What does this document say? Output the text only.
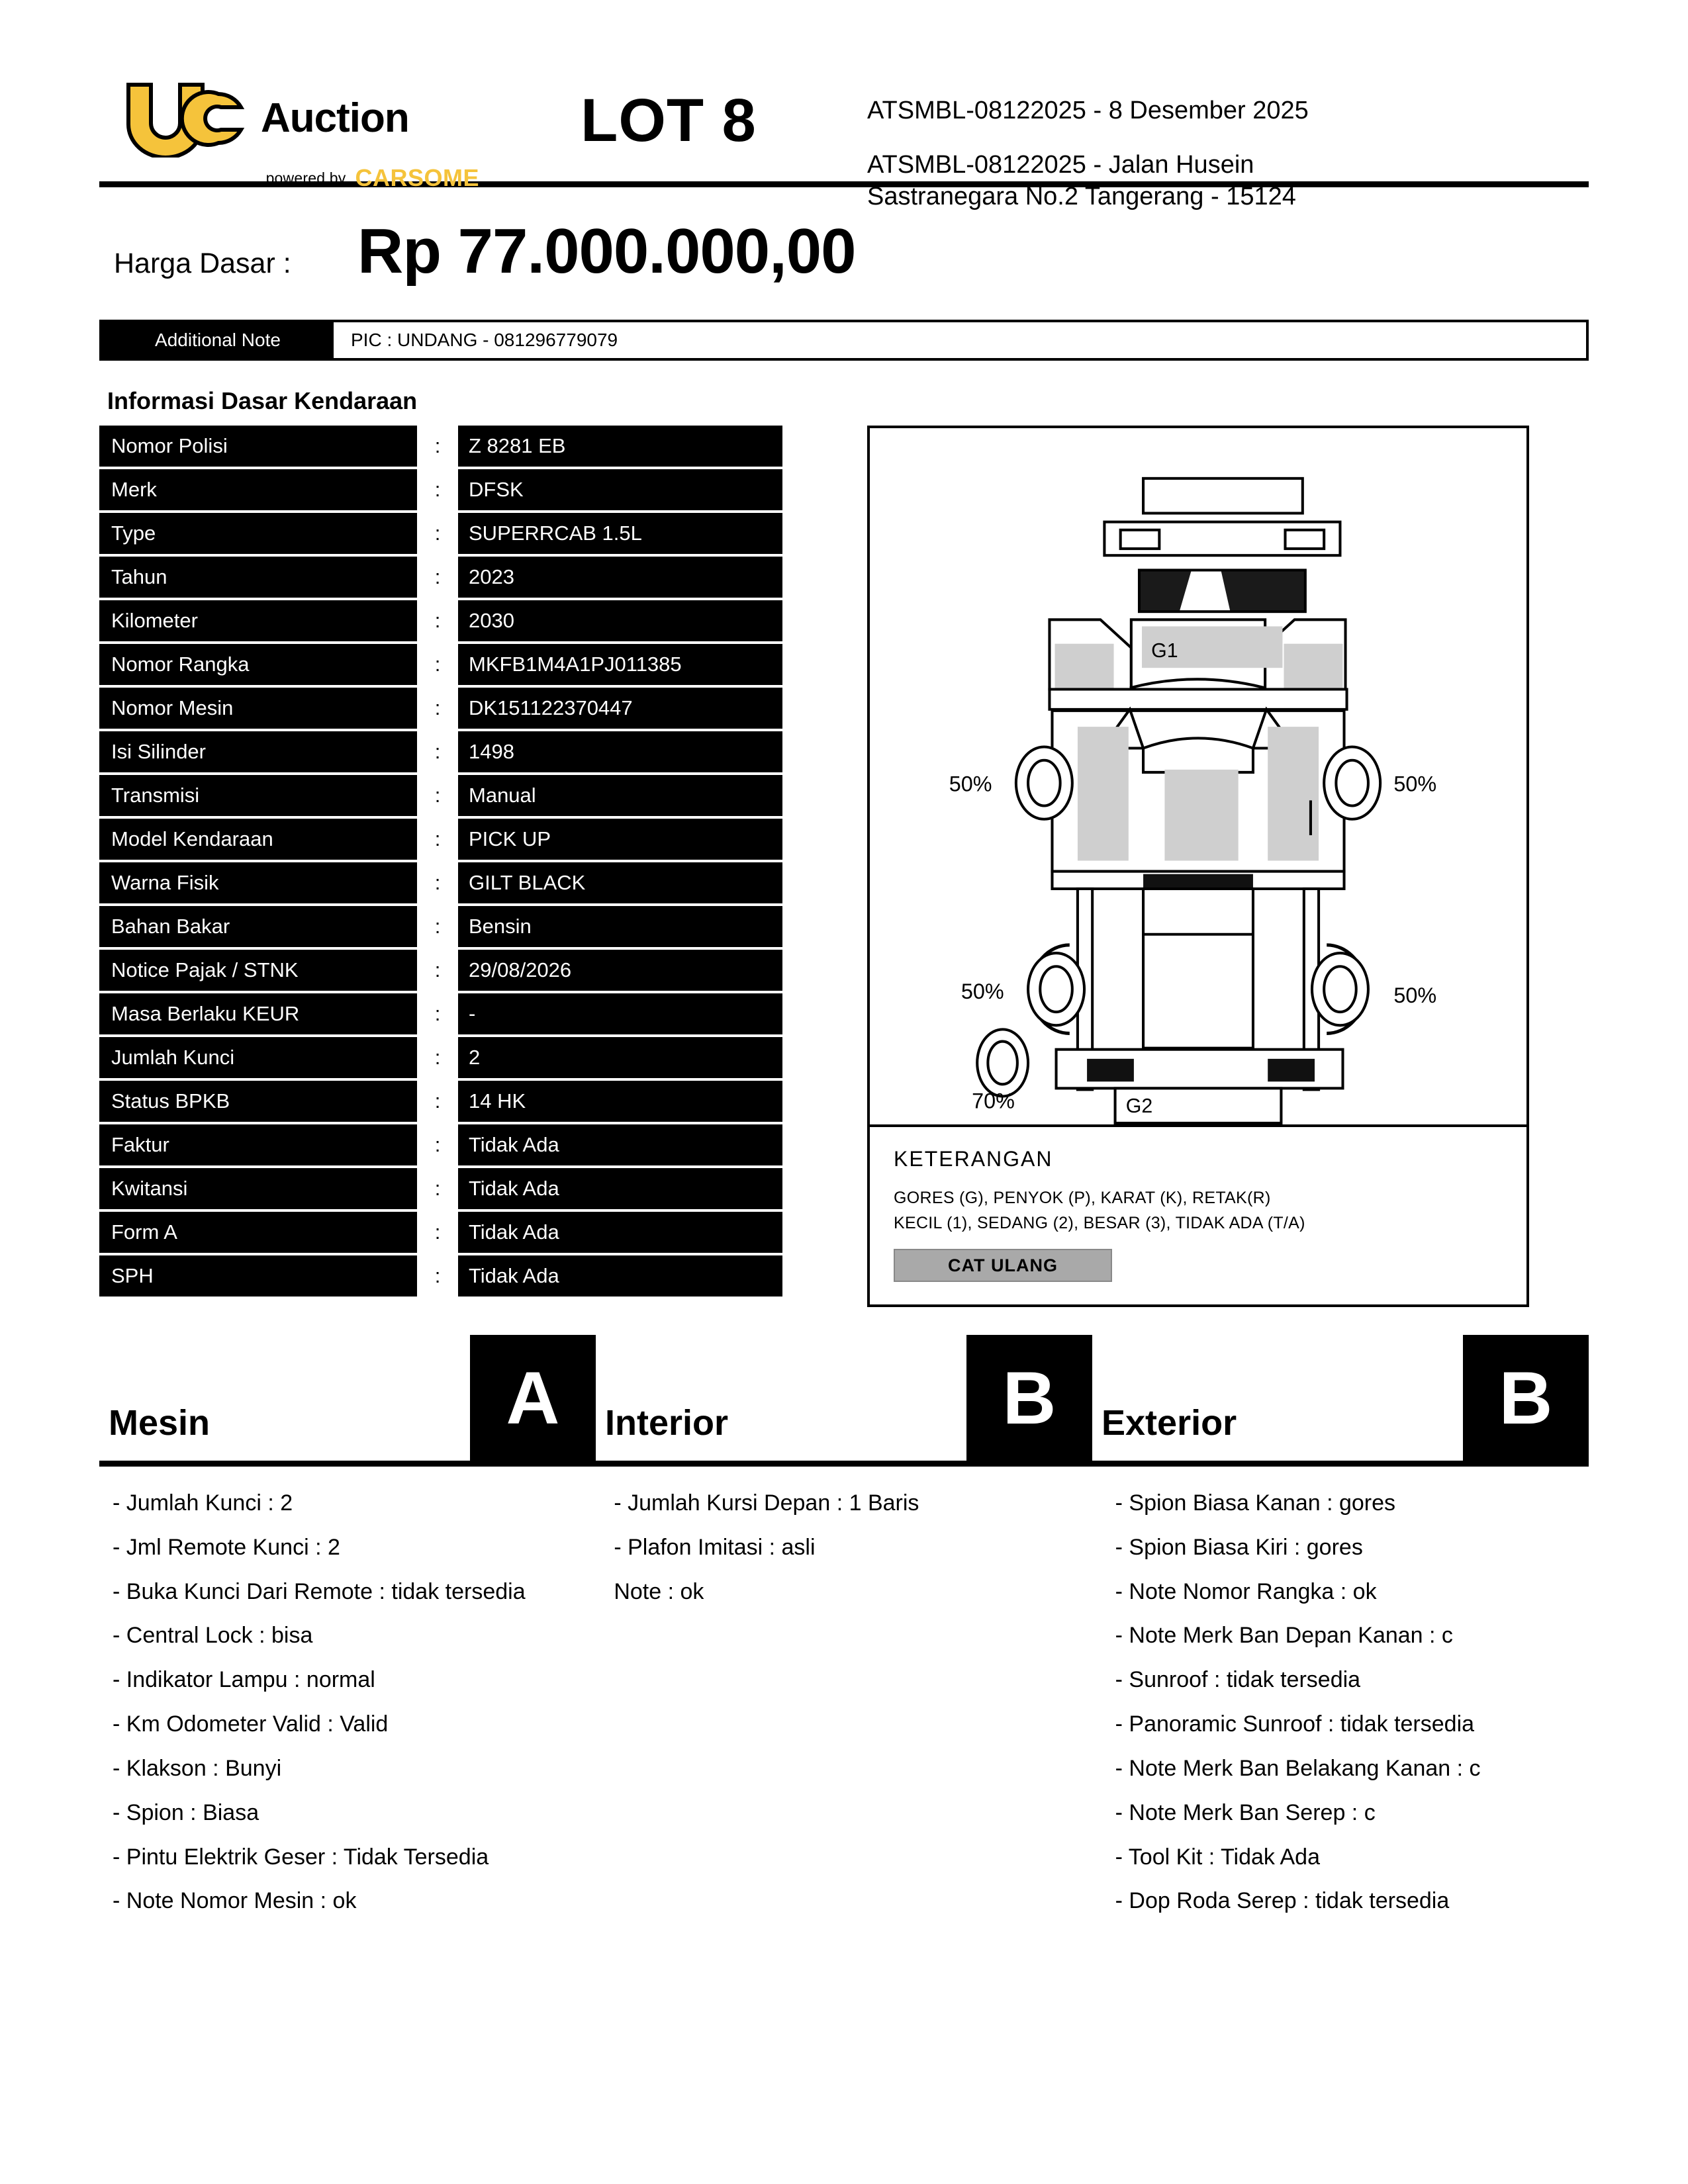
Auction
powered by CARSOME
LOT 8	ATSMBL-08122025 - 8 Desember 2025
ATSMBL-08122025 - Jalan Husein Sastranegara No.2 Tangerang - 15124
Harga Dasar :	Rp 77.000.000,00
Additional Note	PIC : UNDANG - 081296779079
Informasi Dasar Kendaraan
Nomor Polisi	:	Z 8281 EB
Merk	:	DFSK
Type	:	SUPERRCAB 1.5L
Tahun	:	2023
Kilometer	:	2030
Nomor Rangka	:	MKFB1M4A1PJ011385
Nomor Mesin	:	DK151122370447
Isi Silinder	:	1498
Transmisi	:	Manual
Model Kendaraan	:	PICK UP
Warna Fisik	:	GILT BLACK
Bahan Bakar	:	Bensin
Notice Pajak / STNK	:	29/08/2026
Masa Berlaku KEUR	:	-
Jumlah Kunci	:	2
Status BPKB	:	14 HK
Faktur	:	Tidak Ada
Kwitansi	:	Tidak Ada
Form A	:	Tidak Ada
SPH	:	Tidak Ada
G1
G2
50%	50%
50%	50%
70%
KETERANGAN
GORES (G), PENYOK (P), KARAT (K), RETAK(R)
KECIL (1), SEDANG (2), BESAR (3), TIDAK ADA (T/A)
CAT ULANG
Mesin	A	Interior	B	Exterior	B
- Jumlah Kunci : 2
- Jml Remote Kunci : 2
- Buka Kunci Dari Remote : tidak tersedia
- Central Lock : bisa
- Indikator Lampu : normal
- Km Odometer Valid : Valid
- Klakson : Bunyi
- Spion : Biasa
- Pintu Elektrik Geser : Tidak Tersedia
- Note Nomor Mesin : ok
- Jumlah Kursi Depan : 1 Baris
- Plafon Imitasi : asli
Note : ok
- Spion Biasa Kanan : gores
- Spion Biasa Kiri : gores
- Note Nomor Rangka : ok
- Note Merk Ban Depan Kanan : c
- Sunroof : tidak tersedia
- Panoramic Sunroof : tidak tersedia
- Note Merk Ban Belakang Kanan : c
- Note Merk Ban Serep : c
- Tool Kit : Tidak Ada
- Dop Roda Serep : tidak tersedia
